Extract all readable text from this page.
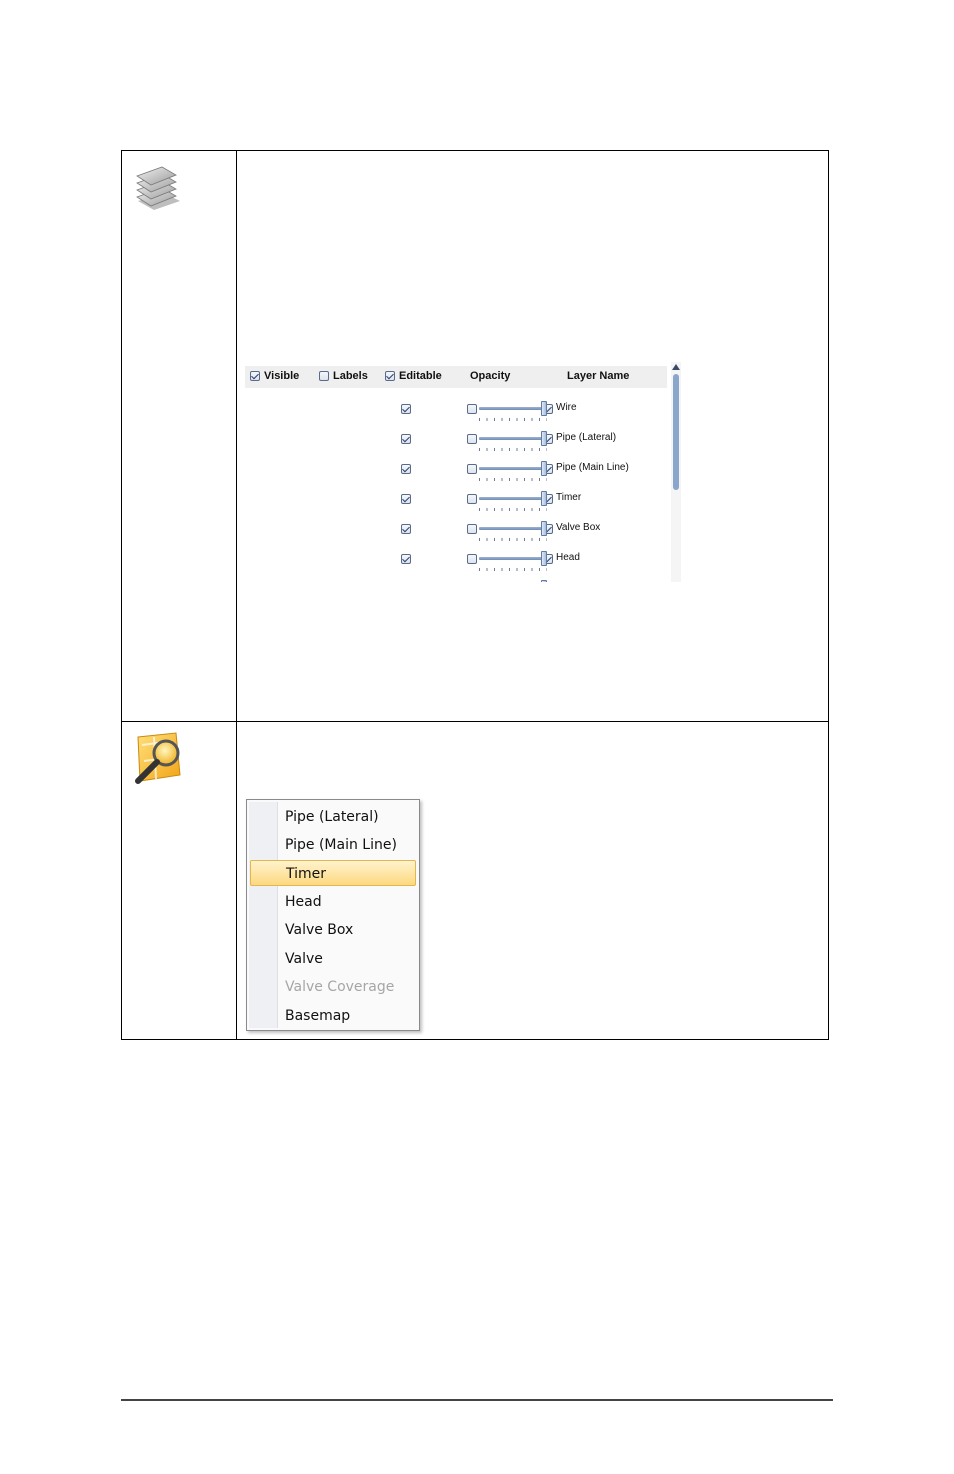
Visible	Labels	Editable	Opacity	Layer Name
Wire
Pipe (Lateral)
Pipe (Main Line)
Timer
Valve Box
Head
Pipe (Lateral)
Pipe (Main Line)
Timer
Head
Valve Box
Valve
Valve Coverage
Basemap
